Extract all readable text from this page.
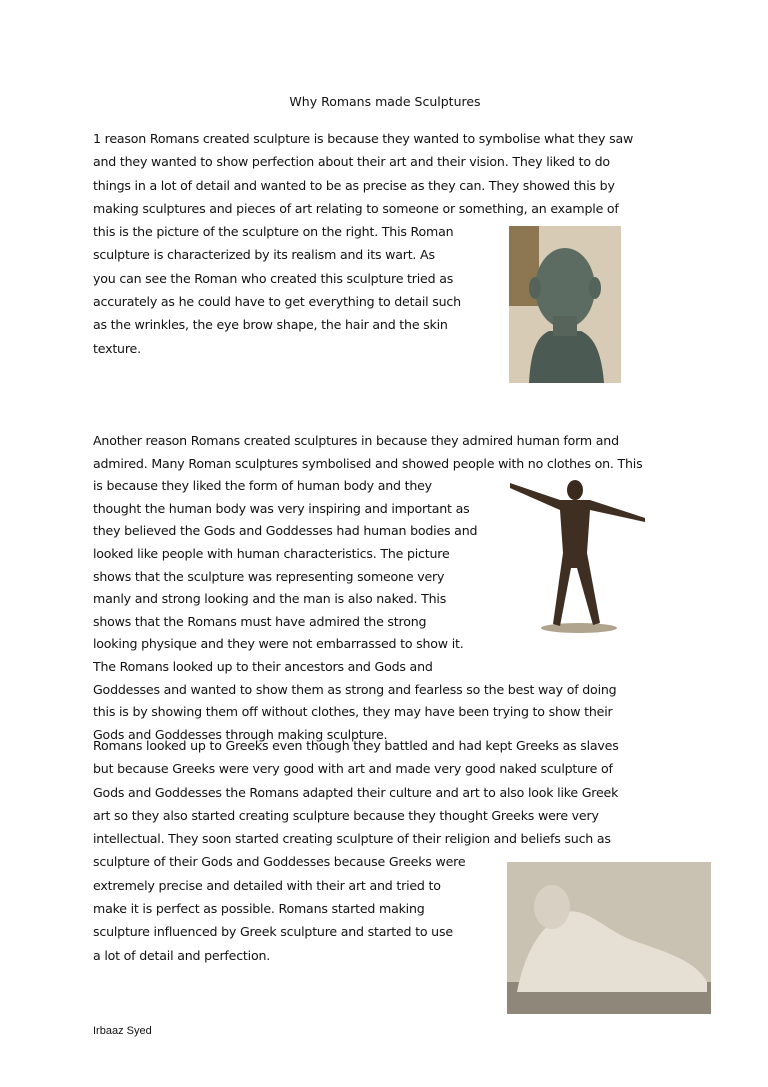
Why Romans made Sculptures
1 reason Romans created sculpture is because they wanted to symbolise what they saw
and they wanted to show perfection about their art and their vision. They liked to do
things in a lot of detail and wanted to be as precise as they can. They showed this by
making sculptures and pieces of art relating to someone or something, an example of
this is the picture of the sculpture on the right. This Roman
sculpture is characterized by its realism and its wart. As
you can see the Roman who created this sculpture tried as
accurately as he could have to get everything to detail such
as the wrinkles, the eye brow shape, the hair and the skin
texture.
Another reason Romans created sculptures in because they admired human form and
admired. Many Roman sculptures symbolised and showed people with no clothes on. This
is because they liked the form of human body and they
thought the human body was very inspiring and important as
they believed the Gods and Goddesses had human bodies and
looked like people with human characteristics. The picture
shows that the sculpture was representing someone very
manly and strong looking and the man is also naked. This
shows that the Romans must have admired the strong
looking physique and they were not embarrassed to show it.
The Romans looked up to their ancestors and Gods and
Goddesses and wanted to show them as strong and fearless so the best way of doing
this is by showing them off without clothes, they may have been trying to show their
Gods and Goddesses through making sculpture.
Romans looked up to Greeks even though they battled and had kept Greeks as slaves
but because Greeks were very good with art and made very good naked sculpture of
Gods and Goddesses the Romans adapted their culture and art to also look like Greek
art so they also started creating sculpture because they thought Greeks were very
intellectual. They soon started creating sculpture of their religion and beliefs such as
sculpture of their Gods and Goddesses because Greeks were
extremely precise and detailed with their art and tried to
make it is perfect as possible. Romans started making
sculpture influenced by Greek sculpture and started to use
a lot of detail and perfection.
Irbaaz Syed
